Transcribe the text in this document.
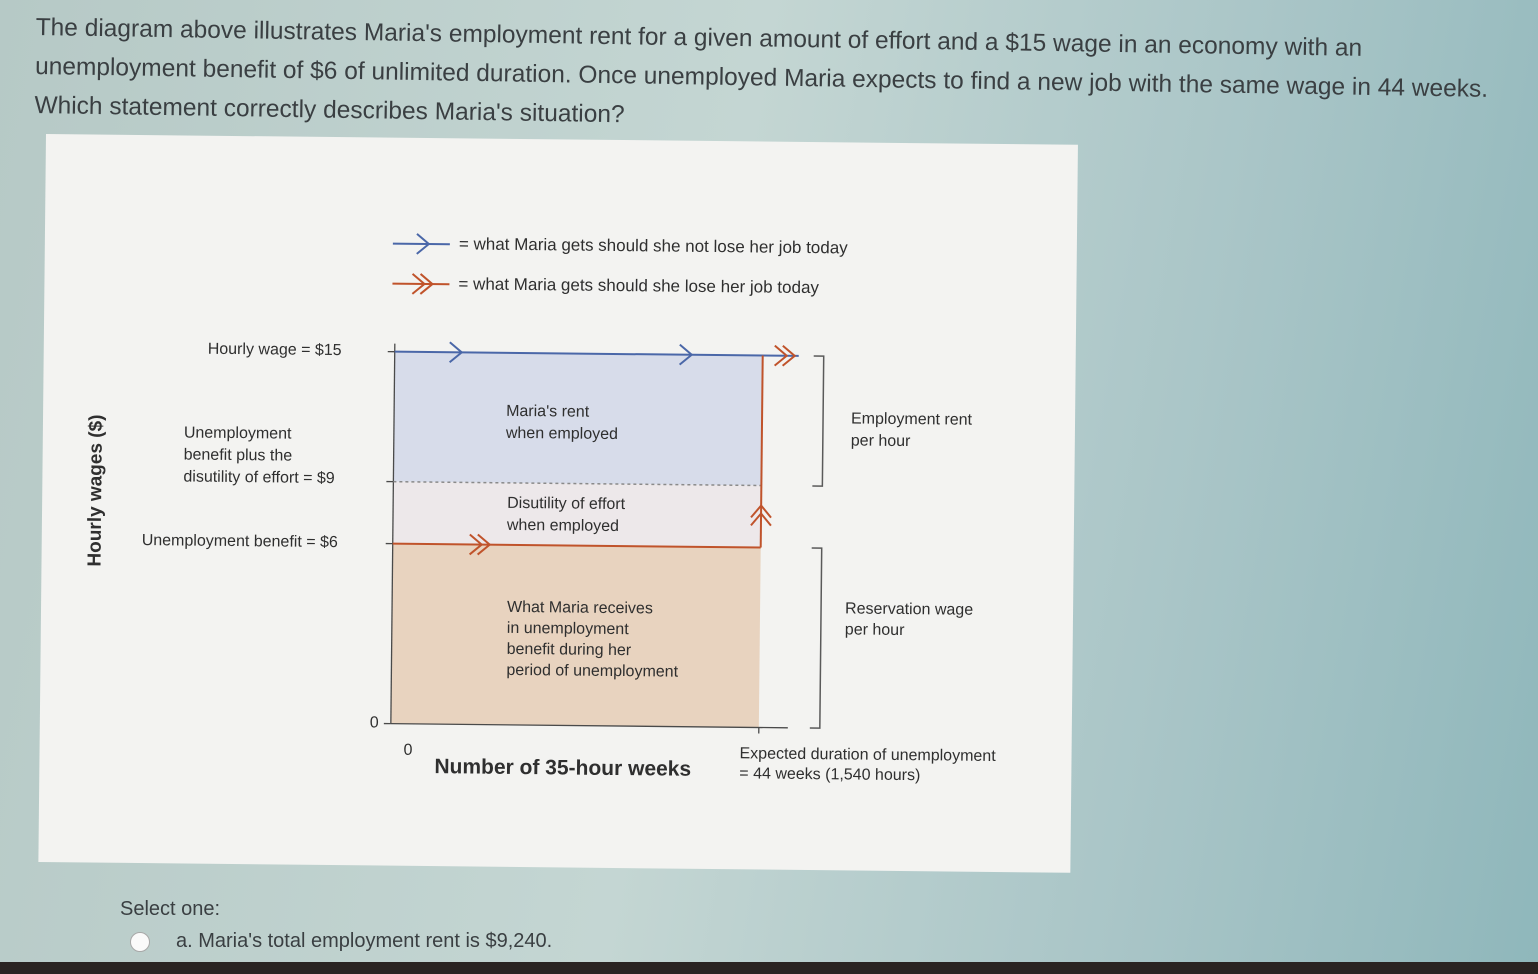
The diagram above illustrates Maria's employment rent for a given amount of effort and a $15 wage in an economy with an unemployment benefit of $6 of unlimited duration. Once unemployed Maria expects to find a new job with the same wage in 44 weeks. Which statement correctly describes Maria's situation?
= what Maria gets should she not lose her job today
= what Maria gets should she lose her job today
Hourly wages ($)
Hourly wage = $15
Unemployment
benefit plus the
disutility of effort = $9
Unemployment benefit = $6
0
0
Maria's rent
when employed
Disutility of effort
when employed
What Maria receives
in unemployment
benefit during her
period of unemployment
Employment rent
per hour
Reservation wage
per hour
Number of 35-hour weeks	Expected duration of unemployment
= 44 weeks (1,540 hours)
Select one:
a. Maria's total employment rent is $9,240.
